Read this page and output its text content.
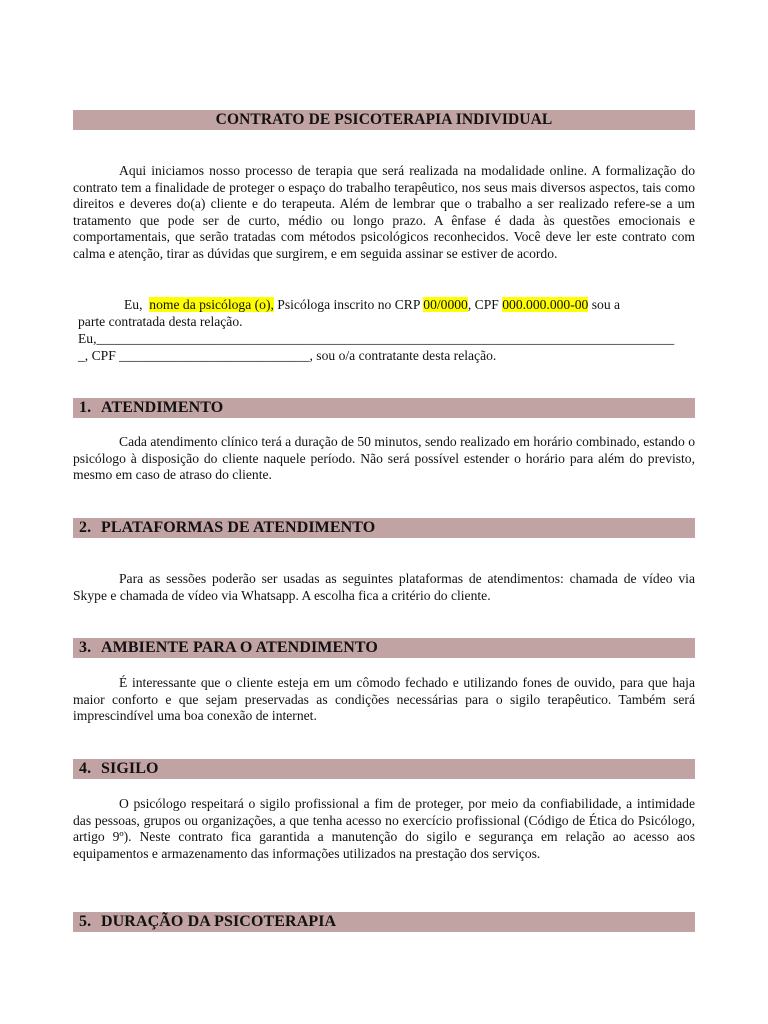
CONTRATO DE PSICOTERAPIA INDIVIDUAL

Aqui iniciamos nosso processo de terapia que será realizada na modalidade online. A formalização do contrato tem a finalidade de proteger o espaço do trabalho terapêutico, nos seus mais diversos aspectos, tais como direitos e deveres do(a) cliente e do terapeuta. Além de lembrar que o trabalho a ser realizado refere-se a um tratamento que pode ser de curto, médio ou longo prazo. A ênfase é dada às questões emocionais e comportamentais, que serão tratadas com métodos psicológicos reconhecidos. Você deve ler este contrato com calma e atenção, tirar as dúvidas que surgirem, e em seguida assinar se estiver de acordo.

Eu, nome da psicóloga (o), Psicóloga inscrito no CRP 00/0000, CPF 000.000.000-00 sou a
parte contratada desta relação.
Eu,_____________________________________________________________________________________
_, CPF ____________________________, sou o/a contratante desta relação.
1. ATENDIMENTO

Cada atendimento clínico terá a duração de 50 minutos, sendo realizado em horário combinado, estando o psicólogo à disposição do cliente naquele período. Não será possível estender o horário para além do previsto, mesmo em caso de atraso do cliente.

2. PLATAFORMAS DE ATENDIMENTO

Para as sessões poderão ser usadas as seguintes plataformas de atendimentos: chamada de vídeo via Skype e chamada de vídeo via Whatsapp. A escolha fica a critério do cliente.

3. AMBIENTE PARA O ATENDIMENTO

É interessante que o cliente esteja em um cômodo fechado e utilizando fones de ouvido, para que haja maior conforto e que sejam preservadas as condições necessárias para o sigilo terapêutico. Também será imprescindível uma boa conexão de internet.

4. SIGILO

O psicólogo respeitará o sigilo profissional a fim de proteger, por meio da confiabilidade, a intimidade das pessoas, grupos ou organizações, a que tenha acesso no exercício profissional (Código de Ética do Psicólogo, artigo 9º). Neste contrato fica garantida a manutenção do sigilo e segurança em relação ao acesso aos equipamentos e armazenamento das informações utilizados na prestação dos serviços.

5. DURAÇÃO DA PSICOTERAPIA
